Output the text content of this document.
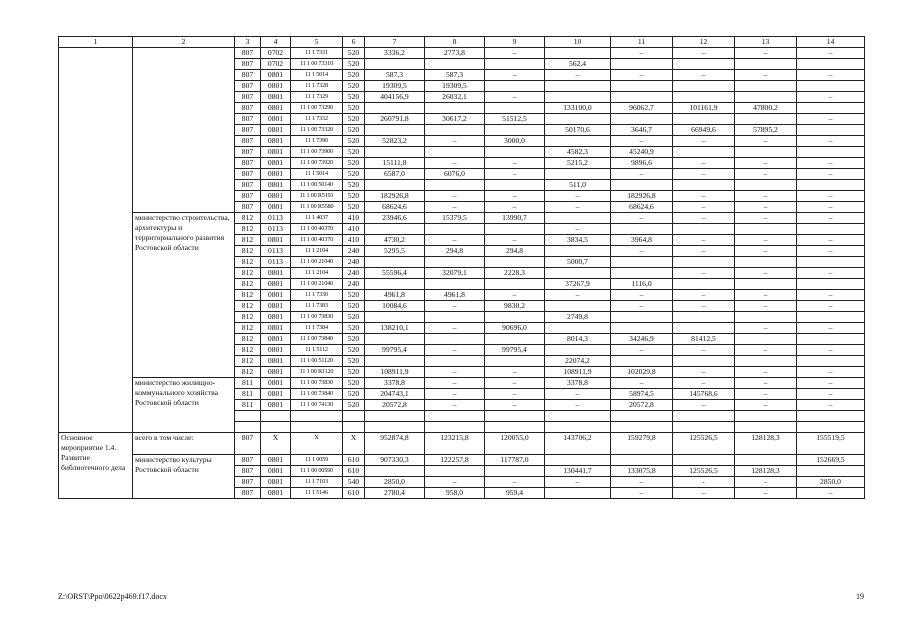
1	2	3	4	5	6	7	8	9	10	11	12	13	14
		807	0702	11 1 7331	520	3336,2	2773,8	–		–	–	–	–
		807	0702	11 1 00 73310	520				562,4				
		807	0801	11 1 5014	520	587,3	587,3	–	–	–	–	–	–
		807	0801	11 1 7328	520	19309,5	19309,5						
		807	0801	11 1 7329	520	404156,9	26032,1	–					–
		807	0801	11 1 00 73290	520				133100,0	96062,7	101161,9	47800,2	
		807	0801	11 1 7332	520	260791,8	30617,2	51512,5					–
		807	0801	11 1 00 73320	520				50170,6	3646,7	66949,6	57895,2	
		807	0801	11 1 7390	520	52823,2	–	3000,0		–	–	–	–
		807	0801	11 1 00 73900	520				4582,3	45240,9			
		807	0801	11 1 00 73920	520	15111,8	–	–	5215,2	9896,6	–	–	–
		807	0801	11 1 5014	520	6587,0	6076,0	–		–	–	–	–
		807	0801	11 1 00 50140	520				511,0				
		807	0801	11 1 00 R5191	520	182926,8	–	–	–	182926,8	–	–	–
		807	0801	11 1 00 R5580	520	68624,6	–	–	–	68624,6	–	–	–
	министерство строительства, архитектуры и территориального развития Ростовской области	812	0113	11 1 4037	410	23946,6	15379,5	13990,7		–	–	–	–
		812	0113	11 1 00 40370	410				–				
		812	0801	11 1 00 40370	410	4730,2	–	–	3834,5	3964,8	–	–	–
		812	0113	11 1 2104	240	5295,5	294,8	294,8		–	–	–	–
		812	0113	11 1 00 21040	240				5000,7				
		812	0801	11 1 2104	240	55596,4	32079,1	2228,3			–	–	–
		812	0801	11 1 00 21040	240				37267,9	1116,0			
		812	0801	11 1 7330	520	4961,8	4961,8	–	–	–	–	–	–
		812	0801	11 1 7383	520	10084,6	–	9830,2		–	–	–	–
		812	0801	11 1 00 73830	520				2749,8				
		812	0801	11 1 7384	520	138210,1	–	90696,0				–	–
		812	0801	11 1 00 73840	520				8014,3	34246,9	81412,5		
		812	0801	11 1 5112	520	99795,4	–	99795,4		–	–	–	–
		812	0801	11 1 00 51120	520				22074,2				
		812	0801	11 1 00 R1120	520	108911,9	–	–	108911,9	102029,8	–	–	–
	министерство жилищно-коммунального хозяйства Ростовской области	811	0801	11 1 00 73830	520	3378,8	–	–	3378,8	–	–	–	–
		811	0801	11 1 00 73840	520	204743,1	–	–	–	58974,5	145768,6	–	–
		811	0801	11 1 00 74130	520	20572,8	–	–	–	20572,8	–	–	–

Основное мероприятие 1.4. Развитие библиотечного дела	всего в том числе:	807	X	X	X	952874,8	123215,8	120055,0	143706,2	159279,8	125526,5	128128,3	155519,5

	министерство культуры Ростовской области	807	0801	11 1 0059	610	907330,3	122257,8	117787,0					152669,5
		807	0801	11 1 00 00590	610				130441,7	133075,8	125526,5	128128,3	
		807	0801	11 1 7103	540	2850,0	–	–	–	–	-	-	2850,0
		807	0801	11 1 5146	610	2780,4	958,0	959,4		–	–	–	–
Z:\ORST\Ppo\0622p469.f17.docx	19
